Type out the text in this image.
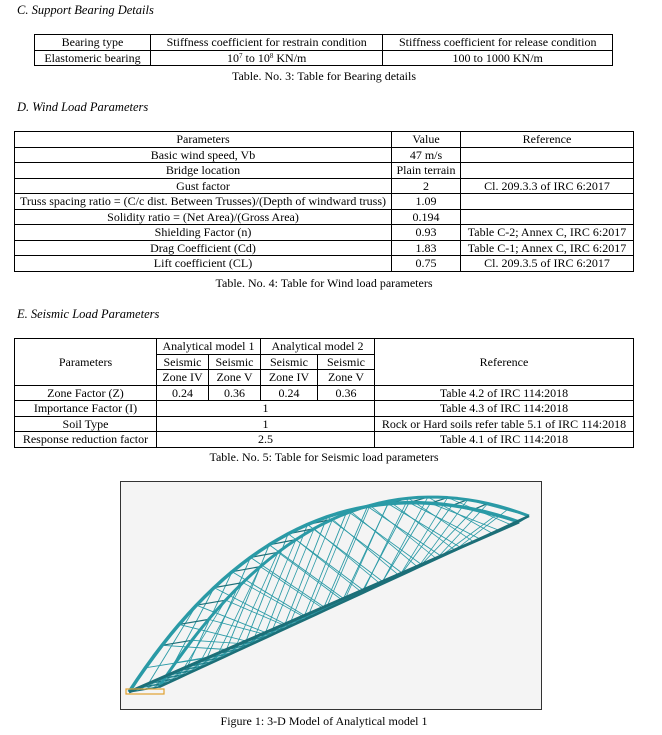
C. Support Bearing Details
Bearing type	Stiffness coefficient for restrain condition	Stiffness coefficient for release condition
Elastomeric bearing	$10^7$ to $10^8$ KN/m	100 to 1000 KN/m
Table. No. 3: Table for Bearing details
D. Wind Load Parameters
Parameters	Value	Reference
Basic wind speed, Vb	47 m/s	
Bridge location	Plain terrain	
Gust factor	2	Cl. 209.3.3 of IRC 6:2017
Truss spacing ratio = (C/c dist. Between Trusses)/(Depth of windward truss)	1.09	
Solidity ratio = (Net Area)/(Gross Area)	0.194	
Shielding Factor (n)	0.93	Table C-2; Annex C, IRC 6:2017
Drag Coefficient (Cd)	1.83	Table C-1; Annex C, IRC 6:2017
Lift coefficient (CL)	0.75	Cl. 209.3.5 of IRC 6:2017
Table. No. 4: Table for Wind load parameters
E. Seismic Load Parameters
Parameters	Analytical model 1		Analytical model 2		Reference
	Seismic	Seismic	Seismic	Seismic	
	Zone IV	Zone V	Zone IV	Zone V	
Zone Factor (Z)	0.24	0.36	0.24	0.36	Table 4.2 of IRC 114:2018
Importance Factor (I)	1				Table 4.3 of IRC 114:2018
Soil Type	1				Rock or Hard soils refer table 5.1 of IRC 114:2018
Response reduction factor	2.5				Table 4.1 of IRC 114:2018
Table. No. 5: Table for Seismic load parameters
Figure 1: 3-D Model of Analytical model 1
